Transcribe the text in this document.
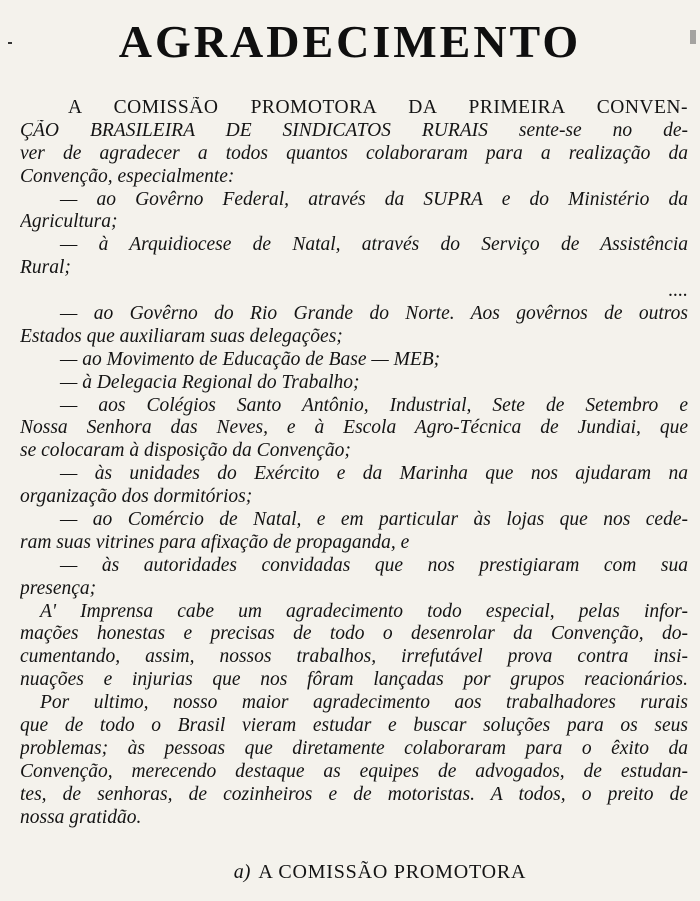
AGRADECIMENTO
A COMISSÃO PROMOTORA DA PRIMEIRA CONVEN-
ÇÃO BRASILEIRA DE SINDICATOS RURAIS sente-se no de-
ver de agradecer a todos quantos colaboraram para a realização da
Convenção, especialmente:
— ao Govêrno Federal, através da SUPRA e do Ministério da
Agricultura;
— à Arquidiocese de Natal, através do Serviço de Assistência
Rural;
....
— ao Govêrno do Rio Grande do Norte. Aos govêrnos de outros
Estados que auxiliaram suas delegações;
— ao Movimento de Educação de Base — MEB;
— à Delegacia Regional do Trabalho;
— aos Colégios Santo Antônio, Industrial, Sete de Setembro e
Nossa Senhora das Neves, e à Escola Agro-Técnica de Jundiai, que
se colocaram à disposição da Convenção;
— às unidades do Exército e da Marinha que nos ajudaram na
organização dos dormitórios;
— ao Comércio de Natal, e em particular às lojas que nos cede-
ram suas vitrines para afixação de propaganda, e
— às autoridades convidadas que nos prestigiaram com sua
presença;
A' Imprensa cabe um agradecimento todo especial, pelas infor-
mações honestas e precisas de todo o desenrolar da Convenção, do-
cumentando, assim, nossos trabalhos, irrefutável prova contra insi-
nuações e injurias que nos fôram lançadas por grupos reacionários.
Por ultimo, nosso maior agradecimento aos trabalhadores rurais
que de todo o Brasil vieram estudar e buscar soluções para os seus
problemas; às pessoas que diretamente colaboraram para o êxito da
Convenção, merecendo destaque as equipes de advogados, de estudan-
tes, de senhoras, de cozinheiros e de motoristas. A todos, o preito de
nossa gratidão.
a) A COMISSÃO PROMOTORA
